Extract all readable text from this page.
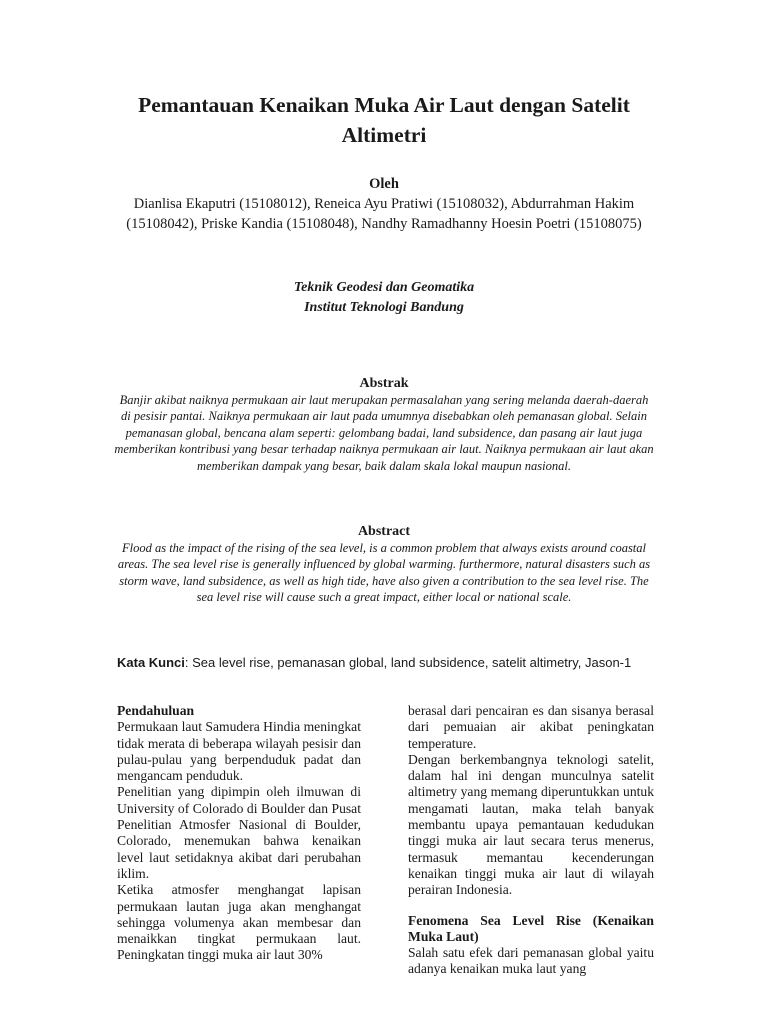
Pemantauan Kenaikan Muka Air Laut dengan Satelit Altimetri
Oleh
Dianlisa Ekaputri (15108012), Reneica Ayu Pratiwi (15108032), Abdurrahman Hakim (15108042), Priske Kandia (15108048), Nandhy Ramadhanny Hoesin Poetri (15108075)
Teknik Geodesi dan Geomatika
Institut Teknologi Bandung
Abstrak
Banjir akibat naiknya permukaan air laut merupakan permasalahan yang sering melanda daerah-daerah di pesisir pantai. Naiknya permukaan air laut pada umumnya disebabkan oleh pemanasan global. Selain pemanasan global, bencana alam seperti: gelombang badai, land subsidence, dan pasang air laut juga memberikan kontribusi yang besar terhadap naiknya permukaan air laut. Naiknya permukaan air laut akan memberikan dampak yang besar, baik dalam skala lokal maupun nasional.
Abstract
Flood as the impact of the rising of the sea level, is a common problem that always exists around coastal areas. The sea level rise is generally influenced by global warming. furthermore, natural disasters such as storm wave, land subsidence, as well as high tide, have also given a contribution to the sea level rise. The sea level rise will cause such a great impact, either local or national scale.
Kata Kunci: Sea level rise, pemanasan global, land subsidence, satelit altimetry, Jason-1

Pendahuluan

Permukaan laut Samudera Hindia meningkat tidak merata di beberapa wilayah pesisir dan pulau-pulau yang berpenduduk padat dan mengancam penduduk.

Penelitian yang dipimpin oleh ilmuwan di University of Colorado di Boulder dan Pusat Penelitian Atmosfer Nasional di Boulder, Colorado, menemukan bahwa kenaikan level laut setidaknya akibat dari perubahan iklim.

Ketika atmosfer menghangat lapisan permukaan lautan juga akan menghangat sehingga volumenya akan membesar dan menaikkan tingkat permukaan laut. Peningkatan tinggi muka air laut 30%

berasal dari pencairan es dan sisanya berasal dari pemuaian air akibat peningkatan temperature.

Dengan berkembangnya teknologi satelit, dalam hal ini dengan munculnya satelit altimetry yang memang diperuntukkan untuk mengamati lautan, maka telah banyak membantu upaya pemantauan kedudukan tinggi muka air laut secara terus menerus, termasuk memantau kecenderungan kenaikan tinggi muka air laut di wilayah perairan Indonesia.

Fenomena Sea Level Rise (Kenaikan Muka Laut)

Salah satu efek dari pemanasan global yaitu adanya kenaikan muka laut yang
